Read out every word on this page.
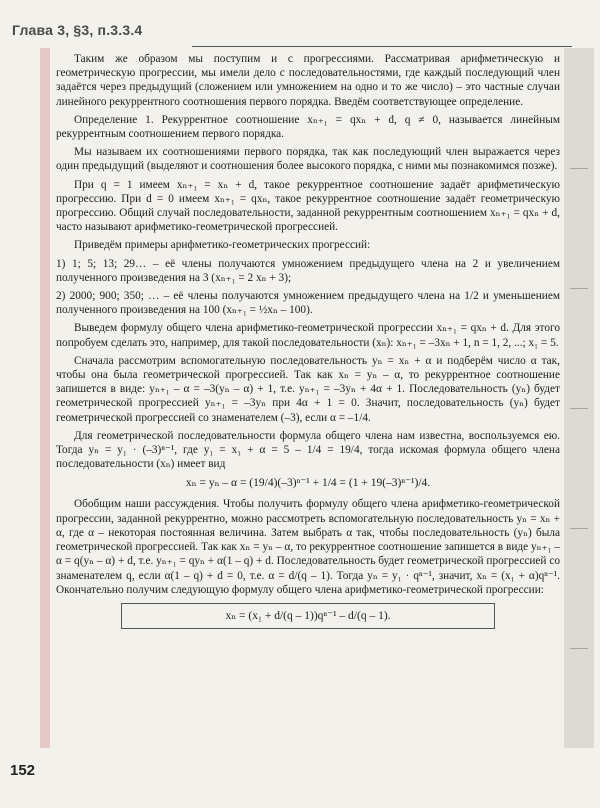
Глава 3, §3, п.3.3.4

Таким же образом мы поступим и с прогрессиями. Рассматривая арифметическую и геометрическую прогрессии, мы имели дело с последовательностями, где каждый последующий член задаётся через предыдущий (сложением или умножением на одно и то же число) – это частные случаи линейного рекуррентного соотношения первого порядка. Введём соответствующее определение.

Определение 1. Рекуррентное соотношение xₙ₊₁ = qxₙ + d, q ≠ 0, называется линейным рекуррентным соотношением первого порядка.

Мы называем их соотношениями первого порядка, так как последующий член выражается через один предыдущий (выделяют и соотношения более высокого порядка, с ними мы познакомимся позже).

При q = 1 имеем xₙ₊₁ = xₙ + d, такое рекуррентное соотношение задаёт арифметическую прогрессию. При d = 0 имеем xₙ₊₁ = qxₙ, такое рекуррентное соотношение задаёт геометрическую прогрессию. Общий случай последовательности, заданной рекуррентным соотношением xₙ₊₁ = qxₙ + d, часто называют арифметико-геометрической прогрессией.

Приведём примеры арифметико-геометрических прогрессий:

1) 1; 5; 13; 29… – её члены получаются умножением предыдущего члена на 2 и увеличением полученного произведения на 3 (xₙ₊₁ = 2 xₙ + 3);

2) 2000; 900; 350; … – её члены получаются умножением предыдущего члена на 1/2 и уменьшением полученного произведения на 100 (xₙ₊₁ = ½xₙ – 100).

Выведем формулу общего члена арифметико-геометрической прогрессии xₙ₊₁ = qxₙ + d. Для этого попробуем сделать это, например, для такой последовательности (xₙ): xₙ₊₁ = –3xₙ + 1, n = 1, 2, ...; x₁ = 5.

Сначала рассмотрим вспомогательную последовательность yₙ = xₙ + α и подберём число α так, чтобы она была геометрической прогрессией. Так как xₙ = yₙ – α, то рекуррентное соотношение запишется в виде: yₙ₊₁ – α = –3(yₙ – α) + 1, т.е. yₙ₊₁ = –3yₙ + 4α + 1. Последовательность (yₙ) будет геометрической прогрессией yₙ₊₁ = –3yₙ при 4α + 1 = 0. Значит, последовательность (yₙ) будет геометрической прогрессией со знаменателем (–3), если α = –1/4.

Для геометрической последовательности формула общего члена нам известна, воспользуемся ею. Тогда yₙ = y₁ · (–3)ⁿ⁻¹, где y₁ = x₁ + α = 5 – 1/4 = 19/4, тогда искомая формула общего члена последовательности (xₙ) имеет вид

xₙ = yₙ – α = (19/4)(–3)ⁿ⁻¹ + 1/4 = (1 + 19(–3)ⁿ⁻¹)/4.

Обобщим наши рассуждения. Чтобы получить формулу общего члена арифметико-геометрической прогрессии, заданной рекуррентно, можно рассмотреть вспомогательную последовательность yₙ = xₙ + α, где α – некоторая постоянная величина. Затем выбрать α так, чтобы последовательность (yₙ) была геометрической прогрессией. Так как xₙ = yₙ – α, то рекуррентное соотношение запишется в виде yₙ₊₁ – α = q(yₙ – α) + d, т.е. yₙ₊₁ = qyₙ + α(1 – q) + d. Последовательность будет геометрической прогрессией со знаменателем q, если α(1 – q) + d = 0, т.е. α = d/(q – 1). Тогда yₙ = y₁ · qⁿ⁻¹, значит, xₙ = (x₁ + α)qⁿ⁻¹. Окончательно получим следующую формулу общего члена арифметико-геометрической прогрессии:

xₙ = (x₁ + d/(q – 1))qⁿ⁻¹ – d/(q – 1).
152
